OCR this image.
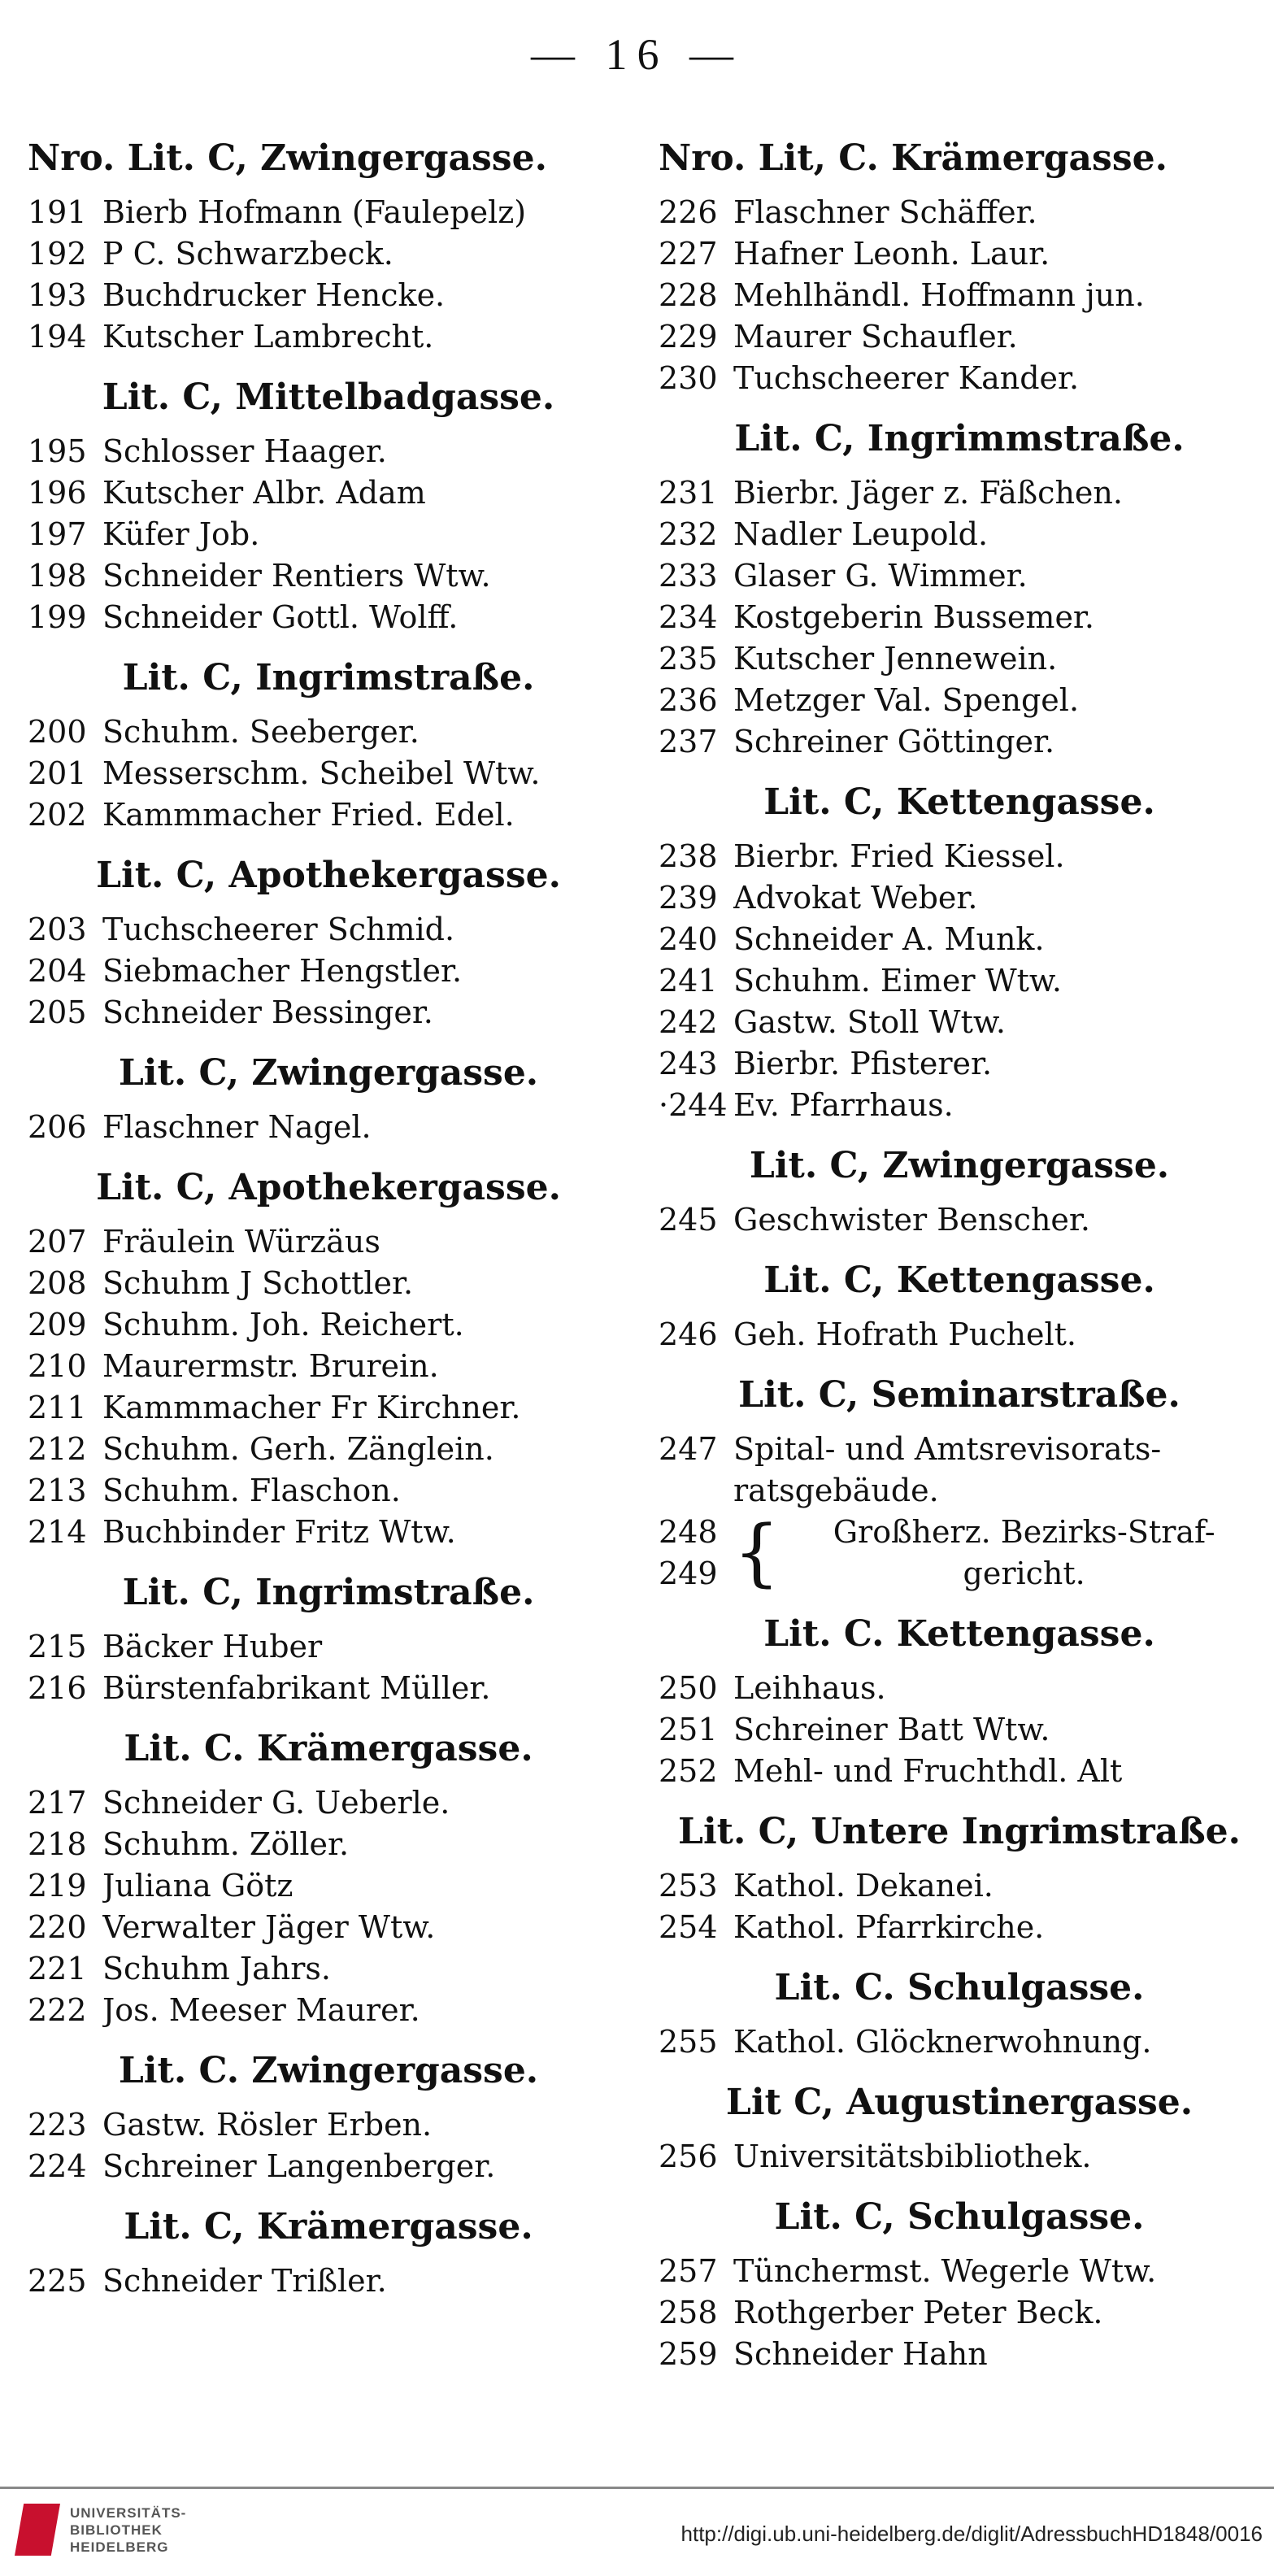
— 16 —
Nro. Lit. C, Zwingergasse.
191 Bierb Hofmann (Faulepelz)
192 P C. Schwarzbeck.
193 Buchdrucker Hencke.
194 Kutscher Lambrecht.
Lit. C, Mittelbadgasse.
195 Schlosser Haager.
196 Kutscher Albr. Adam
197 Küfer Job.
198 Schneider Rentiers Wtw.
199 Schneider Gottl. Wolff.
Lit. C, Ingrimstraße.
200 Schuhm. Seeberger.
201 Messerschm. Scheibel Wtw.
202 Kammmacher Fried. Edel.
Lit. C, Apothekergasse.
203 Tuchscheerer Schmid.
204 Siebmacher Hengstler.
205 Schneider Bessinger.
Lit. C, Zwingergasse.
206 Flaschner Nagel.
Lit. C, Apothekergasse.
207 Fräulein Würzäus
208 Schuhm J Schottler.
209 Schuhm. Joh. Reichert.
210 Maurermstr. Brurein.
211 Kammmacher Fr Kirchner.
212 Schuhm. Gerh. Zänglein.
213 Schuhm. Flaschon.
214 Buchbinder Fritz Wtw.
Lit. C, Ingrimstraße.
215 Bäcker Huber
216 Bürstenfabrikant Müller.
Lit. C. Krämergasse.
217 Schneider G. Ueberle.
218 Schuhm. Zöller.
219 Juliana Götz
220 Verwalter Jäger Wtw.
221 Schuhm Jahrs.
222 Jos. Meeser Maurer.
Lit. C. Zwingergasse.
223 Gastw. Rösler Erben.
224 Schreiner Langenberger.
Lit. C, Krämergasse.
225 Schneider Trißler.
Nro. Lit, C. Krämergasse.
226 Flaschner Schäffer.
227 Hafner Leonh. Laur.
228 Mehlhändl. Hoffmann jun.
229 Maurer Schaufler.
230 Tuchscheerer Kander.
Lit. C, Ingrimmstraße.
231 Bierbr. Jäger z. Fäßchen.
232 Nadler Leupold.
233 Glaser G. Wimmer.
234 Kostgeberin Bussemer.
235 Kutscher Jennewein.
236 Metzger Val. Spengel.
237 Schreiner Göttinger.
Lit. C, Kettengasse.
238 Bierbr. Fried Kiessel.
239 Advokat Weber.
240 Schneider A. Munk.
241 Schuhm. Eimer Wtw.
242 Gastw. Stoll Wtw.
243 Bierbr. Pfisterer.
·244 Ev. Pfarrhaus.
Lit. C, Zwingergasse.
245 Geschwister Benscher.
Lit. C, Kettengasse.
246 Geh. Hofrath Puchelt.
Lit. C, Seminarstraße.
247 Spital- und Amtsrevisorats-
ratsgebäude.
248
249 {	Großherz. Bezirks-Straf-
gericht.
Lit. C. Kettengasse.
250 Leihhaus.
251 Schreiner Batt Wtw.
252 Mehl- und Fruchthdl. Alt
Lit. C, Untere Ingrimstraße.
253 Kathol. Dekanei.
254 Kathol. Pfarrkirche.
Lit. C. Schulgasse.
255 Kathol. Glöcknerwohnung.
Lit C, Augustinergasse.
256 Universitätsbibliothek.
Lit. C, Schulgasse.
257 Tünchermst. Wegerle Wtw.
258 Rothgerber Peter Beck.
259 Schneider Hahn
UNIVERSITÄTS-
BIBLIOTHEK
HEIDELBERG
http://digi.ub.uni-heidelberg.de/diglit/AdressbuchHD1848/0016
